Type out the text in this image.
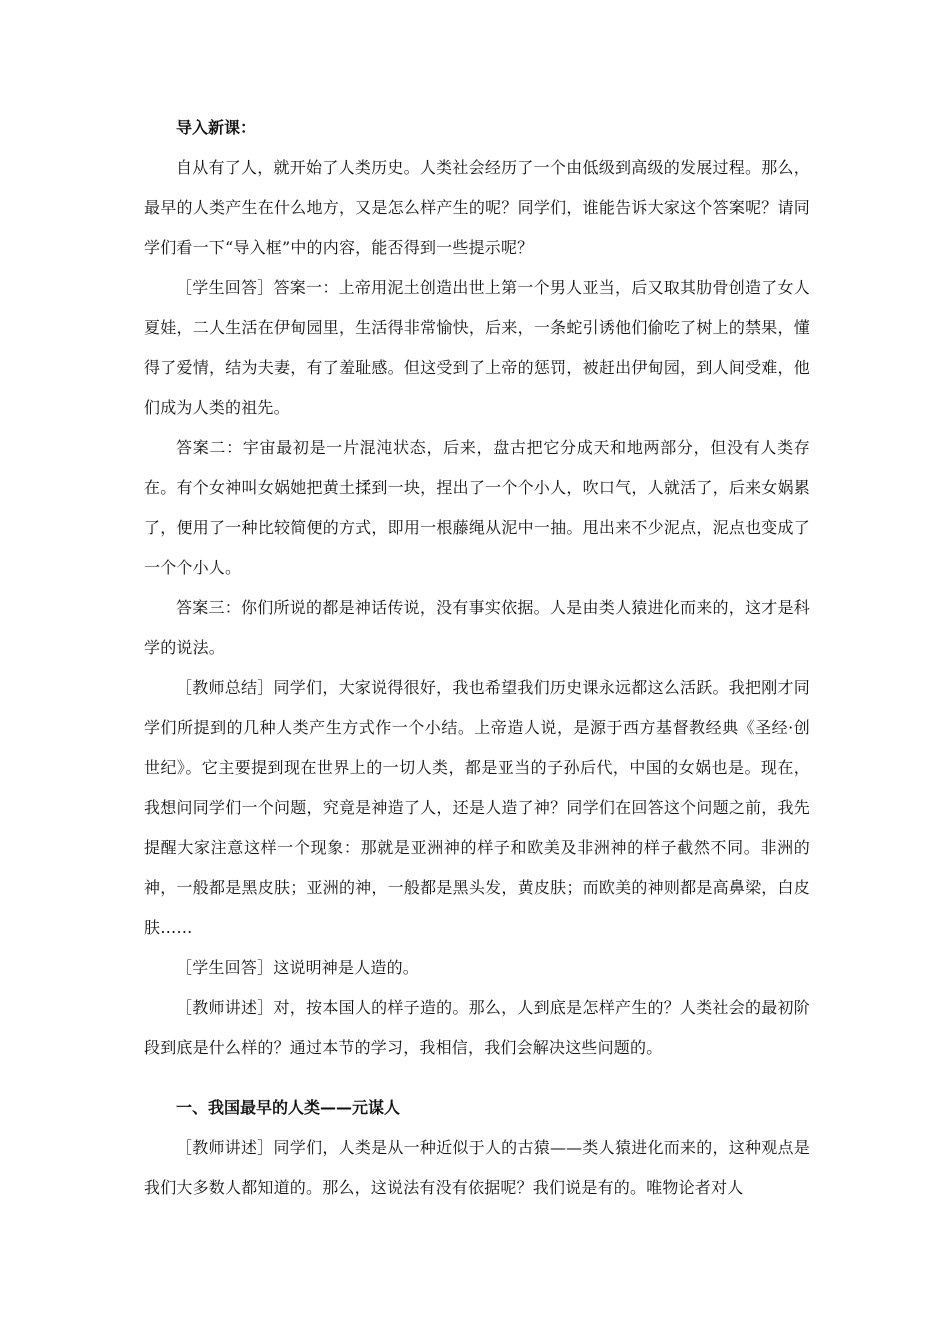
导入新课：

自从有了人，就开始了人类历史。人类社会经历了一个由低级到高级的发展过程。那么，最早的人类产生在什么地方，又是怎么样产生的呢？同学们，谁能告诉大家这个答案呢？请同学们看一下“导入框”中的内容，能否得到一些提示呢？

［学生回答］答案一：上帝用泥土创造出世上第一个男人亚当，后又取其肋骨创造了女人夏娃，二人生活在伊甸园里，生活得非常愉快，后来，一条蛇引诱他们偷吃了树上的禁果，懂得了爱情，结为夫妻，有了羞耻感。但这受到了上帝的惩罚，被赶出伊甸园，到人间受难，他们成为人类的祖先。

答案二：宇宙最初是一片混沌状态，后来，盘古把它分成天和地两部分，但没有人类存在。有个女神叫女娲她把黄土揉到一块，捏出了一个个小人，吹口气，人就活了，后来女娲累了，便用了一种比较简便的方式，即用一根藤绳从泥中一抽。甩出来不少泥点，泥点也变成了一个个小人。

答案三：你们所说的都是神话传说，没有事实依据。人是由类人猿进化而来的，这才是科学的说法。

［教师总结］同学们，大家说得很好，我也希望我们历史课永远都这么活跃。我把刚才同学们所提到的几种人类产生方式作一个小结。上帝造人说，是源于西方基督教经典《圣经·创世纪》。它主要提到现在世界上的一切人类，都是亚当的子孙后代，中国的女娲也是。现在，我想问同学们一个问题，究竟是神造了人，还是人造了神？同学们在回答这个问题之前，我先提醒大家注意这样一个现象：那就是亚洲神的样子和欧美及非洲神的样子截然不同。非洲的神，一般都是黑皮肤；亚洲的神，一般都是黑头发，黄皮肤；而欧美的神则都是高鼻梁，白皮肤……

［学生回答］这说明神是人造的。

［教师讲述］对，按本国人的样子造的。那么，人到底是怎样产生的？人类社会的最初阶段到底是什么样的？通过本节的学习，我相信，我们会解决这些问题的。

一、我国最早的人类——元谋人

［教师讲述］同学们，人类是从一种近似于人的古猿——类人猿进化而来的，这种观点是我们大多数人都知道的。那么，这说法有没有依据呢？我们说是有的。唯物论者对人
